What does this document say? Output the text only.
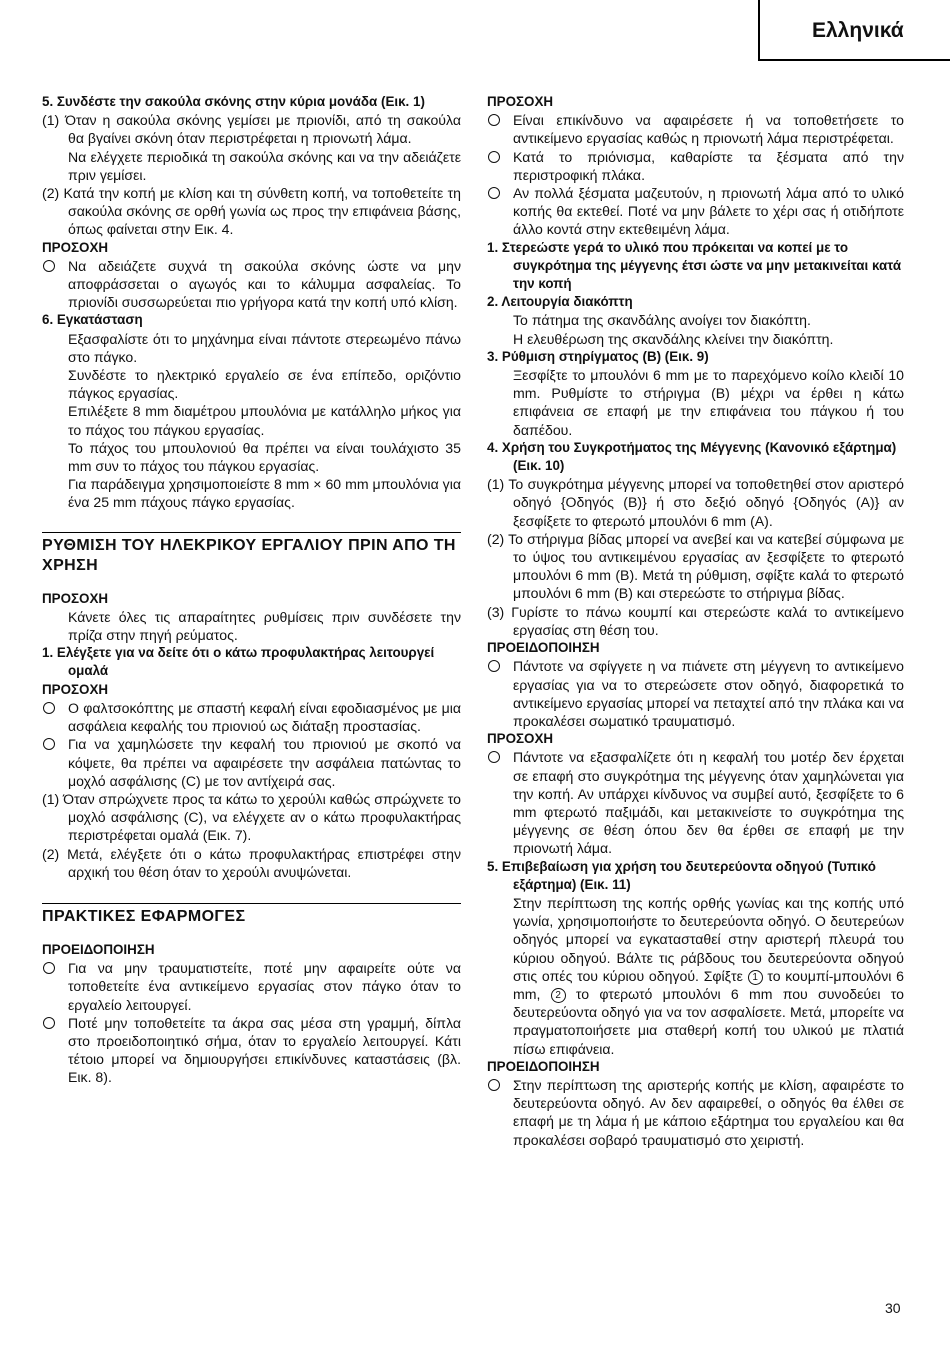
Ελληνικά
5. Συνδέστε την σακούλα σκόνης στην κύρια μονάδα (Εικ. 1)
(1) Όταν η σακούλα σκόνης γεμίσει με πριονίδι, από τη σακούλα θα βγαίνει σκόνη όταν περιστρέφεται η πριονωτή λάμα.
Να ελέγχετε περιοδικά τη σακούλα σκόνης και να την αδειάζετε πριν γεμίσει.
(2) Κατά την κοπή με κλίση και τη σύνθετη κοπή, να τοποθετείτε τη σακούλα σκόνης σε ορθή γωνία ως προς την επιφάνεια βάσης, όπως φαίνεται στην Εικ. 4.
ΠΡΟΣΟΧΗ
Να αδειάζετε συχνά τη σακούλα σκόνης ώστε να μην αποφράσσεται ο αγωγός και το κάλυμμα ασφαλείας. Το πριονίδι συσσωρεύεται πιο γρήγορα κατά την κοπή υπό κλίση.
6. Εγκατάσταση
Εξασφαλίστε ότι το μηχάνημα είναι πάντοτε στερεωμένο πάνω στο πάγκο.
Συνδέστε το ηλεκτρικό εργαλείο σε ένα επίπεδο, οριζόντιο πάγκος εργασίας.
Επιλέξετε 8 mm διαμέτρου μπουλόνια με κατάλληλο μήκος για το πάχος του πάγκου εργασίας.
Το πάχος του μπουλονιού θα πρέπει να είναι τουλάχιστο 35 mm συν το πάχος του πάγκου εργασίας.
Για παράδειγμα χρησιμοποιείστε 8 mm × 60 mm μπουλόνια για ένα 25 mm πάχους πάγκο εργασίας.
ΡΥΘΜΙΣΗ ΤΟΥ ΗΛΕΚΡΙΚΟΥ ΕΡΓΑΛΙΟΥ ΠΡΙΝ ΑΠΟ ΤΗ ΧΡΗΣΗ
ΠΡΟΣΟΧΗ
Κάνετε όλες τις απαραίτητες ρυθμίσεις πριν συνδέσετε την πρίζα στην πηγή ρεύματος.
1. Ελέγξετε για να δείτε ότι ο κάτω προφυλακτήρας λειτουργεί ομαλά
ΠΡΟΣΟΧΗ
Ο φαλτσοκόπτης με σπαστή κεφαλή είναι εφοδιασμένος με μια ασφάλεια κεφαλής του πριονιού ως διάταξη προστασίας.
Για να χαμηλώσετε την κεφαλή του πριονιού με σκοπό να κόψετε, θα πρέπει να αφαιρέσετε την ασφάλεια πατώντας το μοχλό ασφάλισης (C) με τον αντίχειρά σας.
(1) Όταν σπρώχνετε προς τα κάτω το χερούλι καθώς σπρώχνετε το μοχλό ασφάλισης (C), να ελέγχετε αν ο κάτω προφυλακτήρας περιστρέφεται ομαλά (Εικ. 7).
(2) Μετά, ελέγξετε ότι ο κάτω προφυλακτήρας επιστρέφει στην αρχική του θέση όταν το χερούλι ανυψώνεται.
ΠΡΑΚΤΙΚΕΣ ΕΦΑΡΜΟΓΕΣ
ΠΡΟΕΙΔΟΠΟΙΗΣΗ
Για να μην τραυματιστείτε, ποτέ μην αφαιρείτε ούτε να τοποθετείτε ένα αντικείμενο εργασίας στον πάγκο όταν το εργαλείο λειτουργεί.
Ποτέ μην τοποθετείτε τα άκρα σας μέσα στη γραμμή, δίπλα στο προειδοποιητικό σήμα, όταν το εργαλείο λειτουργεί. Κάτι τέτοιο μπορεί να δημιουργήσει επικίνδυνες καταστάσεις (βλ. Εικ. 8).
ΠΡΟΣΟΧΗ
Είναι επικίνδυνο να αφαιρέσετε ή να τοποθετήσετε το αντικείμενο εργασίας καθώς η πριονωτή λάμα περιστρέφεται.
Κατά το πριόνισμα, καθαρίστε τα ξέσματα από την περιστροφική πλάκα.
Αν πολλά ξέσματα μαζευτούν, η πριονωτή λάμα από το υλικό κοπής θα εκτεθεί. Ποτέ να μην βάλετε το χέρι σας ή οτιδήποτε άλλο κοντά στην εκτεθειμένη λάμα.
1. Στερεώστε γερά το υλικό που πρόκειται να κοπεί με το συγκρότημα της μέγγενης έτσι ώστε να μην μετακινείται κατά την κοπή
2. Λειτουργία διακόπτη
Το πάτημα της σκανδάλης ανοίγει τον διακόπτη.
Η ελευθέρωση της σκανδάλης κλείνει την διακόπτη.
3. Ρύθμιση στηρίγματος (B) (Εικ. 9)
Ξεσφίξτε το μπουλόνι 6 mm με το παρεχόμενο κοίλο κλειδί 10 mm. Ρυθμίστε το στήριγμα (B) μέχρι να έρθει η κάτω επιφάνεια σε επαφή με την επιφάνεια του πάγκου ή του δαπέδου.
4. Χρήση του Συγκροτήματος της Μέγγενης (Κανονικό εξάρτημα) (Εικ. 10)
(1) Το συγκρότημα μέγγενης μπορεί να τοποθετηθεί στον αριστερό οδηγό {Οδηγός (B)} ή στο δεξιό οδηγό {Οδηγός (A)} αν ξεσφίξετε το φτερωτό μπουλόνι 6 mm (A).
(2) Το στήριγμα βίδας μπορεί να ανεβεί και να κατεβεί σύμφωνα με το ύψος του αντικειμένου εργασίας αν ξεσφίξετε το φτερωτό μπουλόνι 6 mm (B). Μετά τη ρύθμιση, σφίξτε καλά το φτερωτό μπουλόνι 6 mm (B) και στερεώστε το στήριγμα βίδας.
(3) Γυρίστε το πάνω κουμπί και στερεώστε καλά το αντικείμενο εργασίας στη θέση του.
ΠΡΟΕΙΔΟΠΟΙΗΣΗ
Πάντοτε να σφίγγετε η να πιάνετε στη μέγγενη το αντικείμενο εργασίας για να το στερεώσετε στον οδηγό, διαφορετικά το αντικείμενο εργασίας μπορεί να πεταχτεί από την πλάκα και να προκαλέσει σωματικό τραυματισμό.
ΠΡΟΣΟΧΗ
Πάντοτε να εξασφαλίζετε ότι η κεφαλή του μοτέρ δεν έρχεται σε επαφή στο συγκρότημα της μέγγενης όταν χαμηλώνεται για την κοπή. Αν υπάρχει κίνδυνος να συμβεί αυτό, ξεσφίξετε το 6 mm φτερωτό παξιμάδι, και μετακινείστε το συγκρότημα της μέγγενης σε θέση όπου δεν θα έρθει σε επαφή με την πριονωτή λάμα.
5. Επιβεβαίωση για χρήση του δευτερεύοντα οδηγού (Τυπικό εξάρτημα) (Εικ. 11)
Στην περίπτωση της κοπής ορθής γωνίας και της κοπής υπό γωνία, χρησιμοποιήστε το δευτερεύοντα οδηγό. Ο δευτερεύων οδηγός μπορεί να εγκατασταθεί στην αριστερή πλευρά του κύριου οδηγού. Βάλτε τις ράβδους του δευτερεύοντα οδηγού στις οπές του κύριου οδηγού. Σφίξτε 1 το κουμπί-μπουλόνι 6 mm, 2 το φτερωτό μπουλόνι 6 mm που συνοδεύει το δευτερεύοντα οδηγό για να τον ασφαλίσετε. Μετά, μπορείτε να πραγματοποιήσετε μια σταθερή κοπή του υλικού με πλατιά πίσω επιφάνεια.
ΠΡΟΕΙΔΟΠΟΙΗΣΗ
Στην περίπτωση της αριστερής κοπής με κλίση, αφαιρέστε το δευτερεύοντα οδηγό. Αν δεν αφαιρεθεί, ο οδηγός θα έλθει σε επαφή με τη λάμα ή με κάποιο εξάρτημα του εργαλείου και θα προκαλέσει σοβαρό τραυματισμό στο χειριστή.
30
